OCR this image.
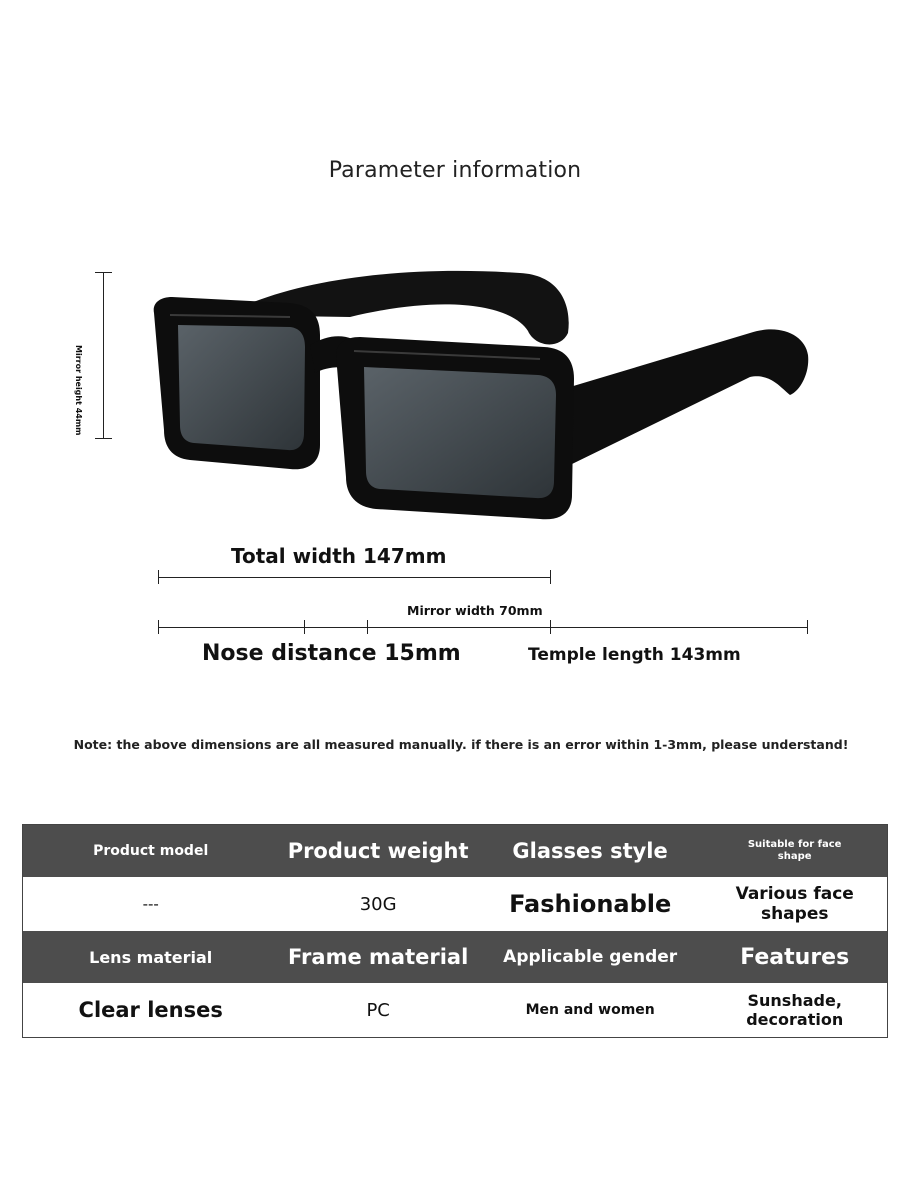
Parameter information
Mirror height 44mm
Total width 147mm
Mirror width 70mm
Nose distance 15mm	Temple length 143mm
Note: the above dimensions are all measured manually. if there is an error within 1-3mm, please understand!
Product model	Product weight	Glasses style	Suitable for face shape
---	30G	Fashionable	Various face shapes
Lens material	Frame material	Applicable gender	Features
Clear lenses	PC	Men and women	Sunshade, decoration
